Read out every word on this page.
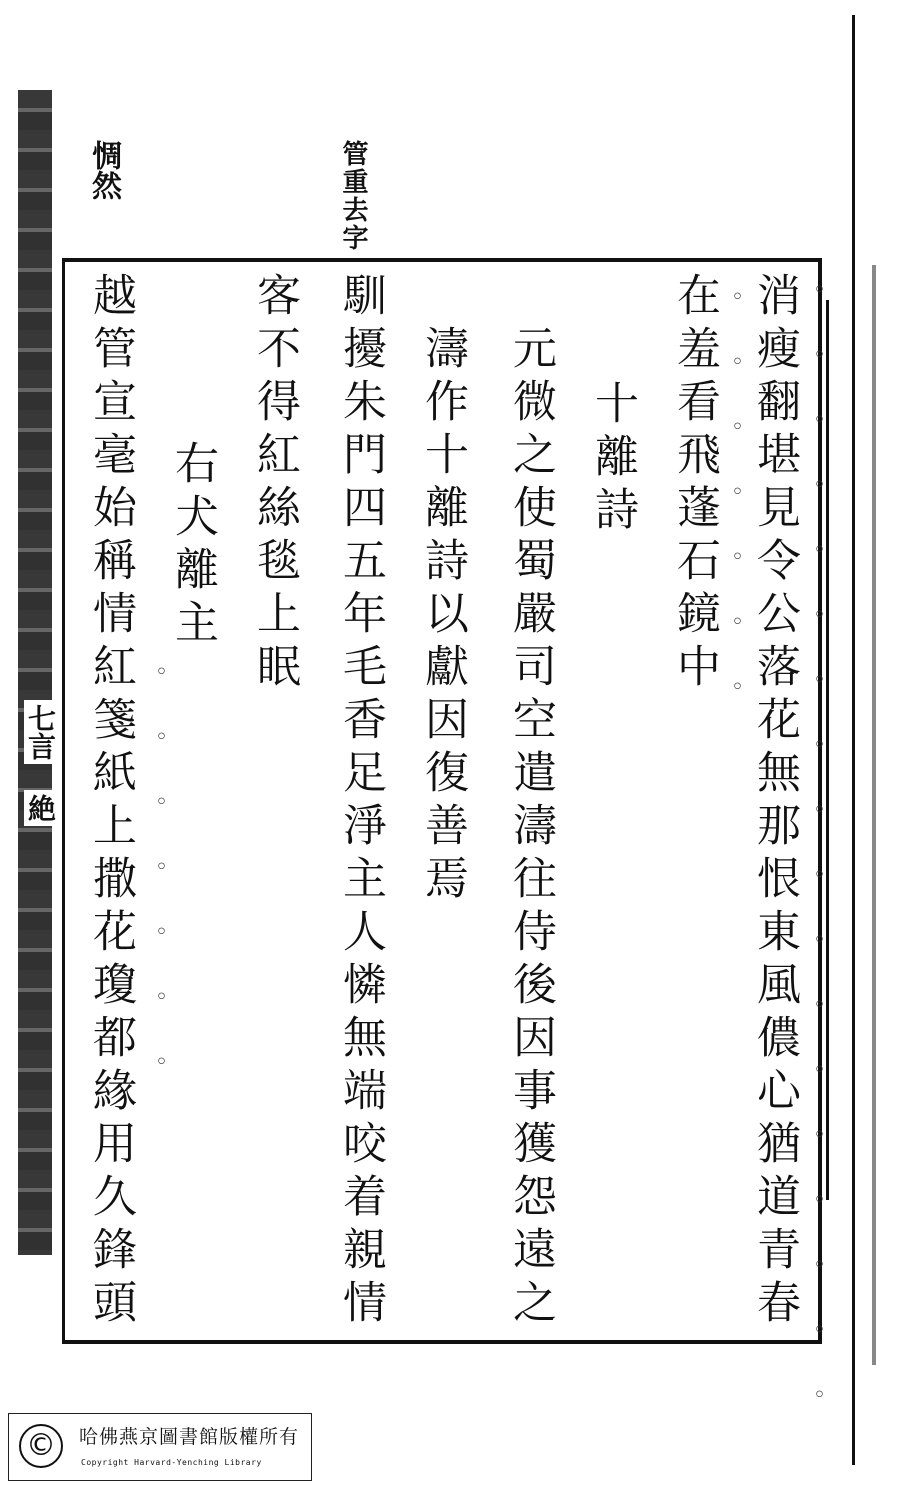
七言
絶
惆然	管重去字
消瘦翻堪見令公落花無那恨東風儂心猶道青春
在羞看飛蓬石鏡中
十離詩
元微之使蜀嚴司空遣濤往侍後因事獲怨遠之
濤作十離詩以獻因復善焉
馴擾朱門四五年毛香足淨主人憐無端咬着親情
客不得紅絲毯上眠
右犬離主
越管宣毫始稱情紅箋紙上撒花瓊都緣用久鋒頭	◦◦◦◦◦◦◦◦◦◦◦◦◦◦◦◦◦◦
◦◦◦◦◦◦◦
◦◦◦◦◦◦◦
©	哈佛燕京圖書館版權所有
Copyright Harvard-Yenching Library
